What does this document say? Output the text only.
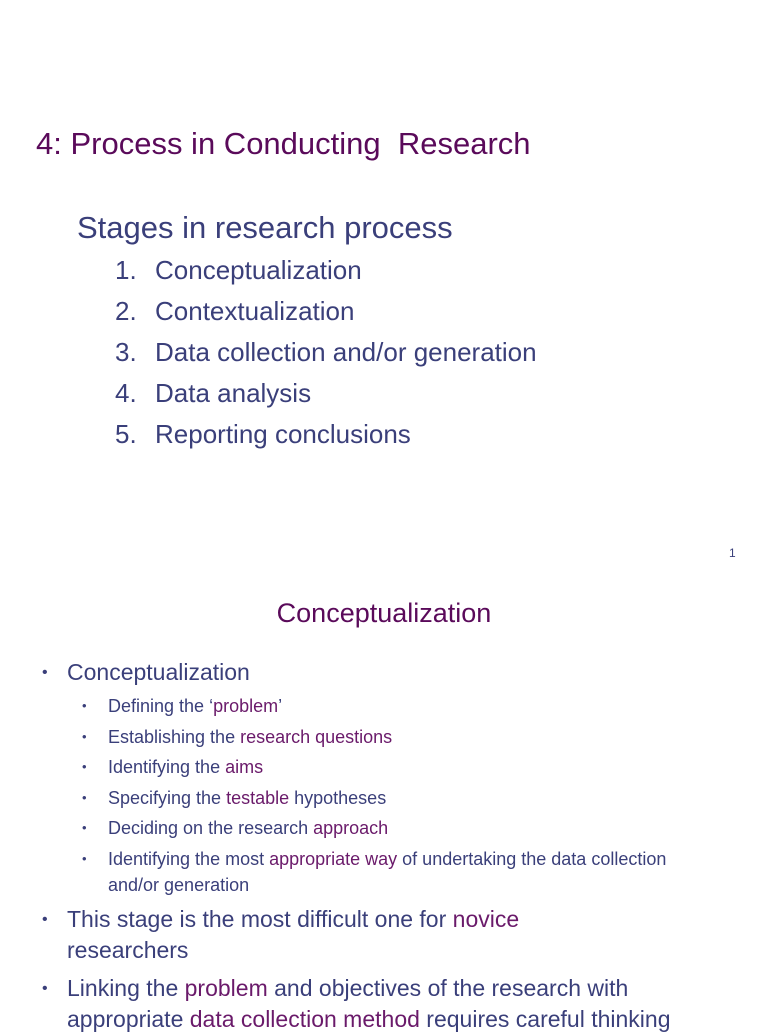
4: Process in Conducting  Research
Stages in research process
1. Conceptualization
2. Contextualization
3. Data collection and/or generation
4. Data analysis
5. Reporting conclusions
1
Conceptualization
• Conceptualization
• Defining the ‘problem’
• Establishing the research questions
• Identifying the aims
• Specifying the testable hypotheses
• Deciding on the research approach
• Identifying the most appropriate way of undertaking the data collection and/or generation
• This stage is the most difficult one for novice researchers
• Linking the problem and objectives of the research with appropriate data collection method requires careful thinking
